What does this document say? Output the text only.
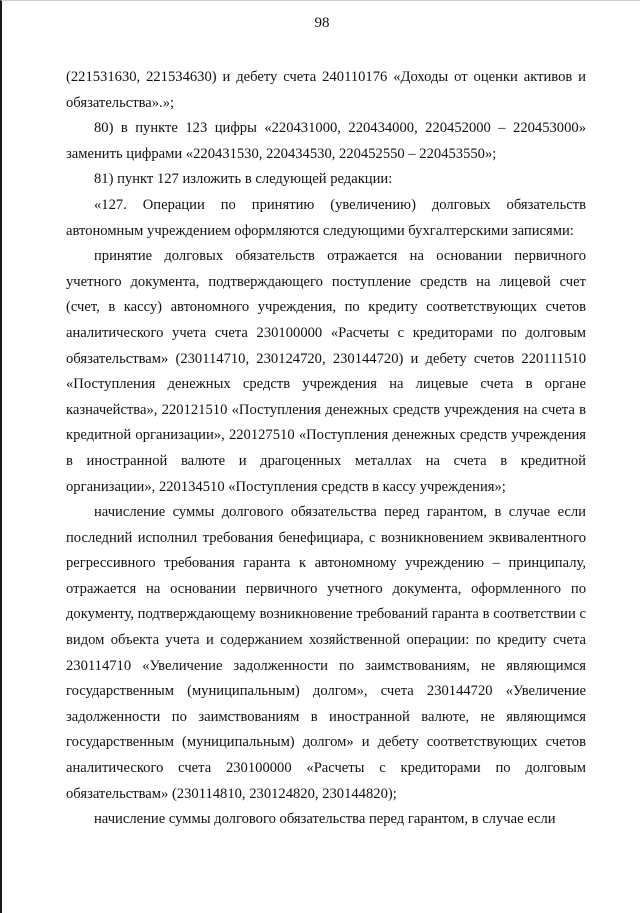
98

(221531630, 221534630) и дебету счета 240110176 «Доходы от оценки активов и обязательства».»;

80) в пункте 123 цифры «220431000, 220434000, 220452000 – 220453000» заменить цифрами «220431530, 220434530, 220452550 – 220453550»;

81) пункт 127 изложить в следующей редакции:

«127. Операции по принятию (увеличению) долговых обязательств автономным учреждением оформляются следующими бухгалтерскими записями:

принятие долговых обязательств отражается на основании первичного учетного документа, подтверждающего поступление средств на лицевой счет (счет, в кассу) автономного учреждения, по кредиту соответствующих счетов аналитического учета счета 230100000 «Расчеты с кредиторами по долговым обязательствам» (230114710, 230124720, 230144720) и дебету счетов 220111510 «Поступления денежных средств учреждения на лицевые счета в органе казначейства», 220121510 «Поступления денежных средств учреждения на счета в кредитной организации», 220127510 «Поступления денежных средств учреждения в иностранной валюте и драгоценных металлах на счета в кредитной организации», 220134510 «Поступления средств в кассу учреждения»;

начисление суммы долгового обязательства перед гарантом, в случае если последний исполнил требования бенефициара, с возникновением эквивалентного регрессивного требования гаранта к автономному учреждению – принципалу, отражается на основании первичного учетного документа, оформленного по документу, подтверждающему возникновение требований гаранта в соответствии с видом объекта учета и содержанием хозяйственной операции: по кредиту счета 230114710 «Увеличение задолженности по заимствованиям, не являющимся государственным (муниципальным) долгом», счета 230144720 «Увеличение задолженности по заимствованиям в иностранной валюте, не являющимся государственным (муниципальным) долгом» и дебету соответствующих счетов аналитического счета 230100000 «Расчеты с кредиторами по долговым обязательствам» (230114810, 230124820, 230144820);

начисление суммы долгового обязательства перед гарантом, в случае если
